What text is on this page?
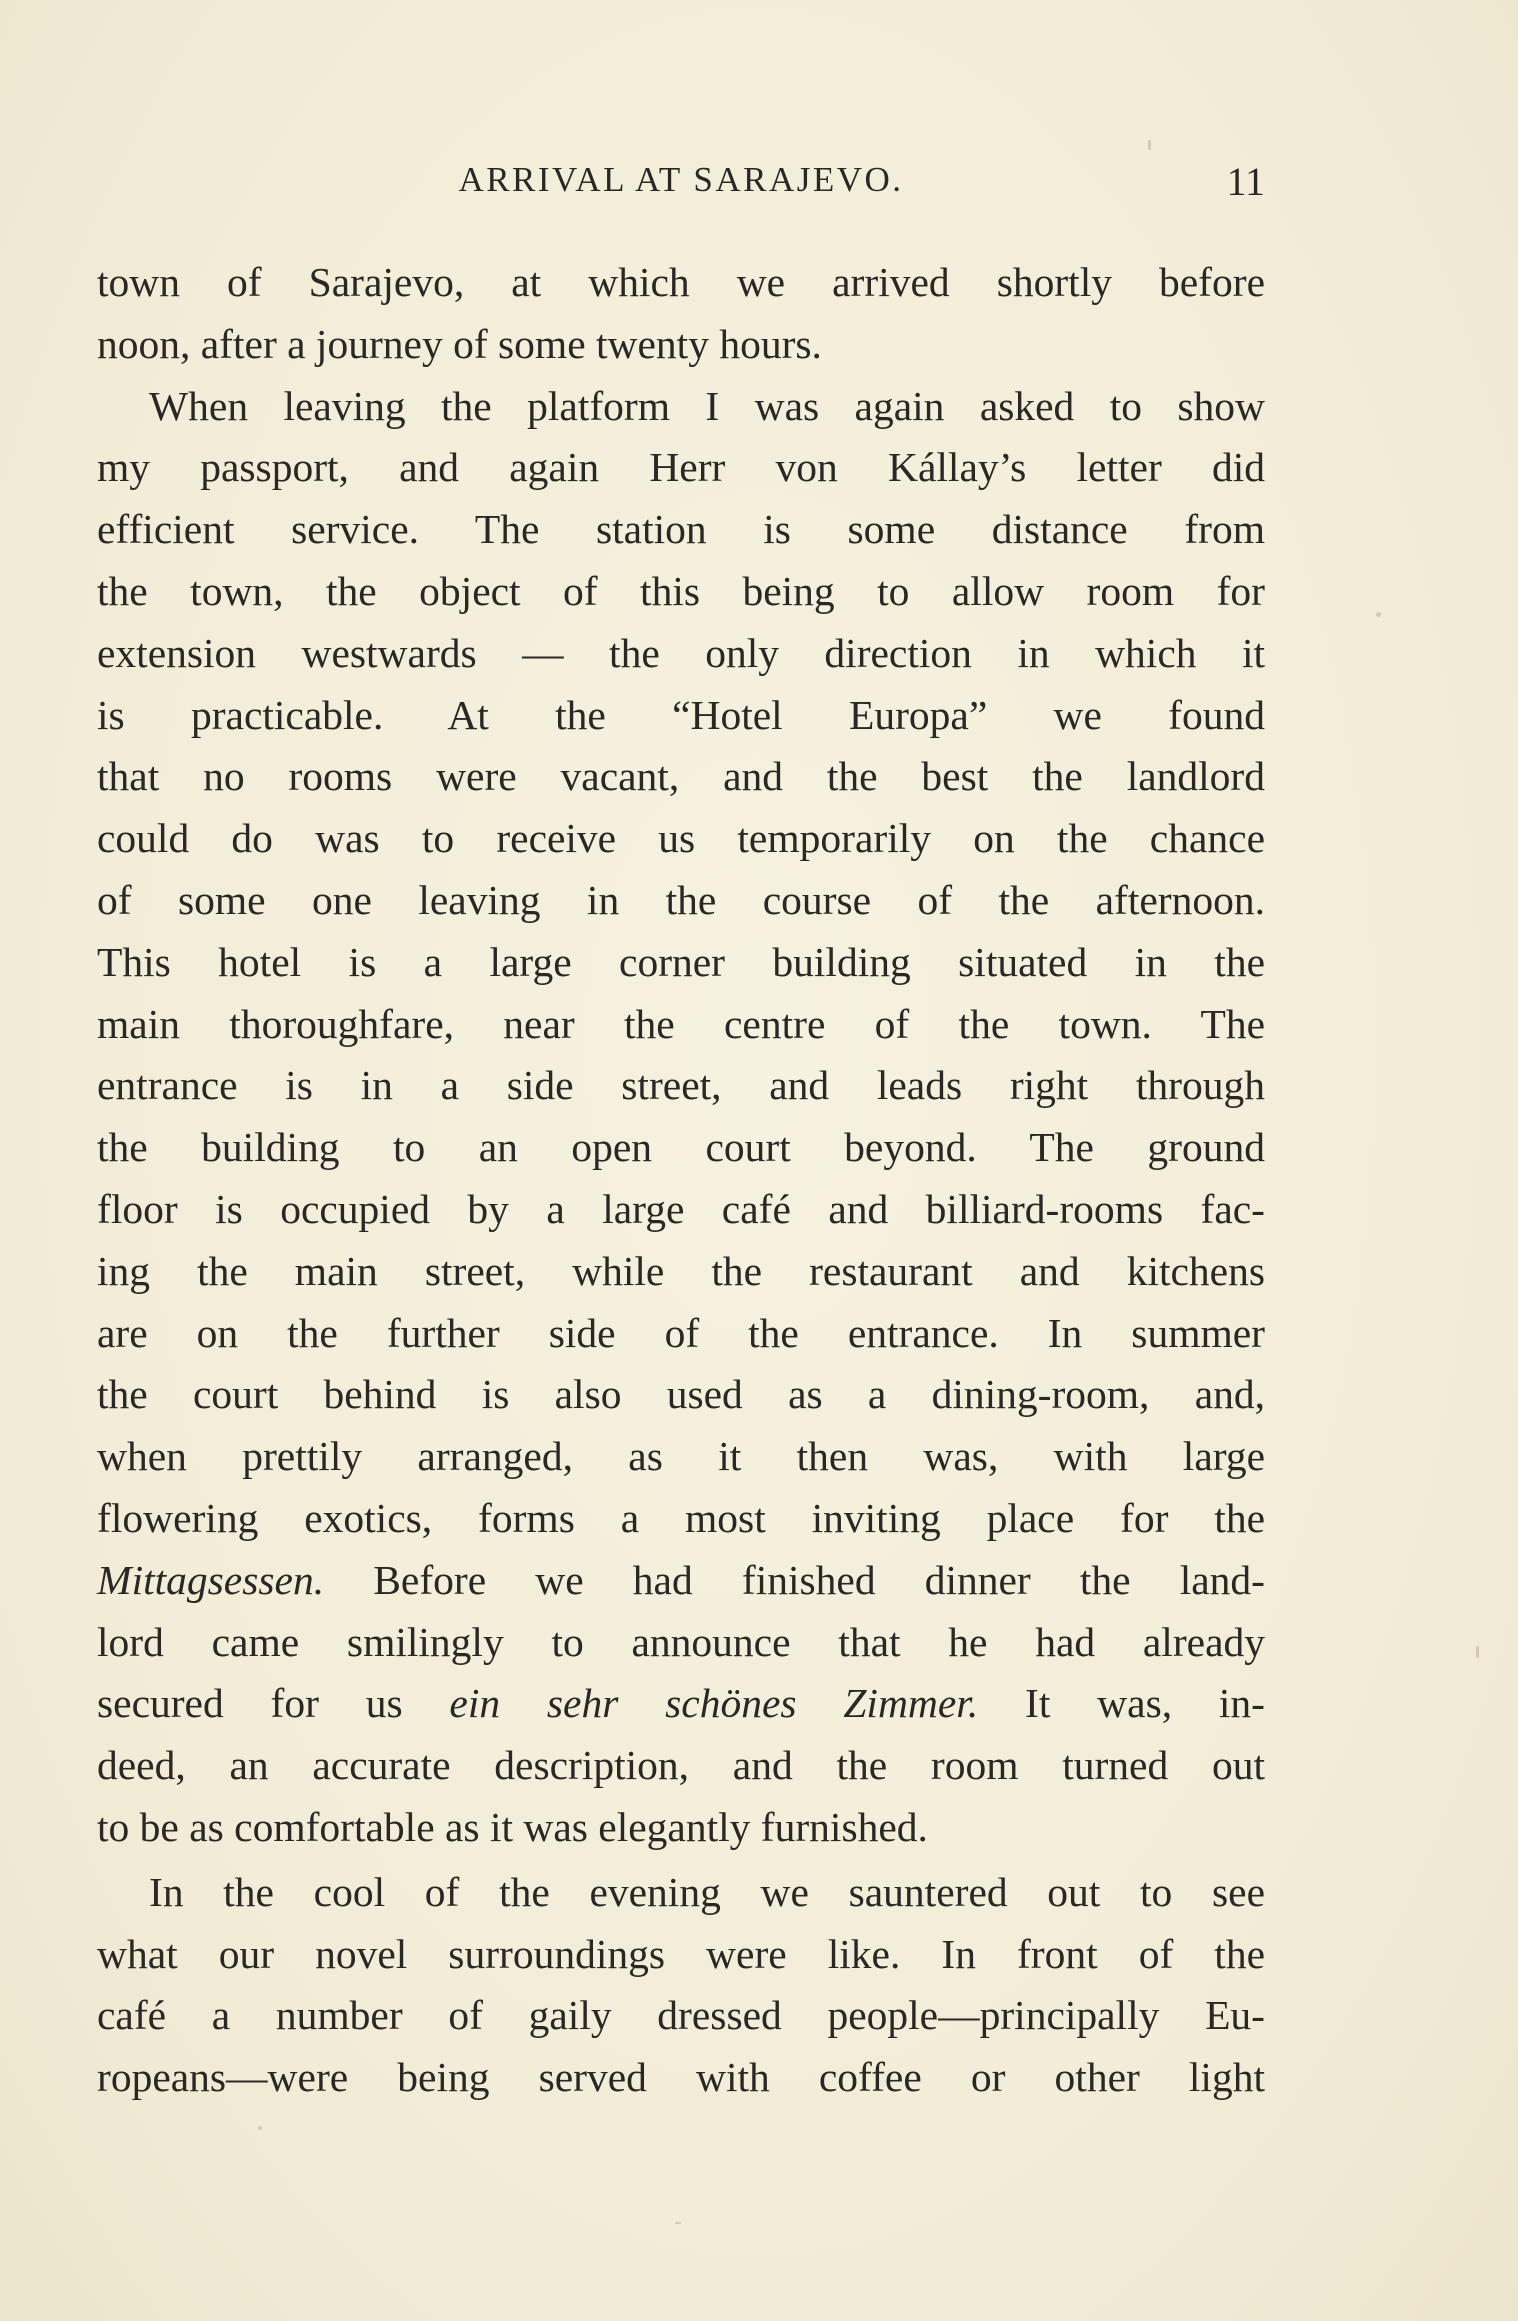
ARRIVAL AT SARAJEVO.	11
town of Sarajevo, at which we arrived shortly before
noon, after a journey of some twenty hours.
When leaving the platform I was again asked to show
my passport, and again Herr von Kállay’s letter did
efficient service. The station is some distance from
the town, the object of this being to allow room for
extension westwards — the only direction in which it
is practicable. At the “Hotel Europa” we found
that no rooms were vacant, and the best the landlord
could do was to receive us temporarily on the chance
of some one leaving in the course of the afternoon.
This hotel is a large corner building situated in the
main thoroughfare, near the centre of the town. The
entrance is in a side street, and leads right through
the building to an open court beyond. The ground
floor is occupied by a large café and billiard-rooms fac-
ing the main street, while the restaurant and kitchens
are on the further side of the entrance. In summer
the court behind is also used as a dining-room, and,
when prettily arranged, as it then was, with large
flowering exotics, forms a most inviting place for the
Mittagsessen. Before we had finished dinner the land-
lord came smilingly to announce that he had already
secured for us ein sehr schönes Zimmer. It was, in-
deed, an accurate description, and the room turned out
to be as comfortable as it was elegantly furnished.
In the cool of the evening we sauntered out to see
what our novel surroundings were like. In front of the
café a number of gaily dressed people—principally Eu-
ropeans—were being served with coffee or other light
